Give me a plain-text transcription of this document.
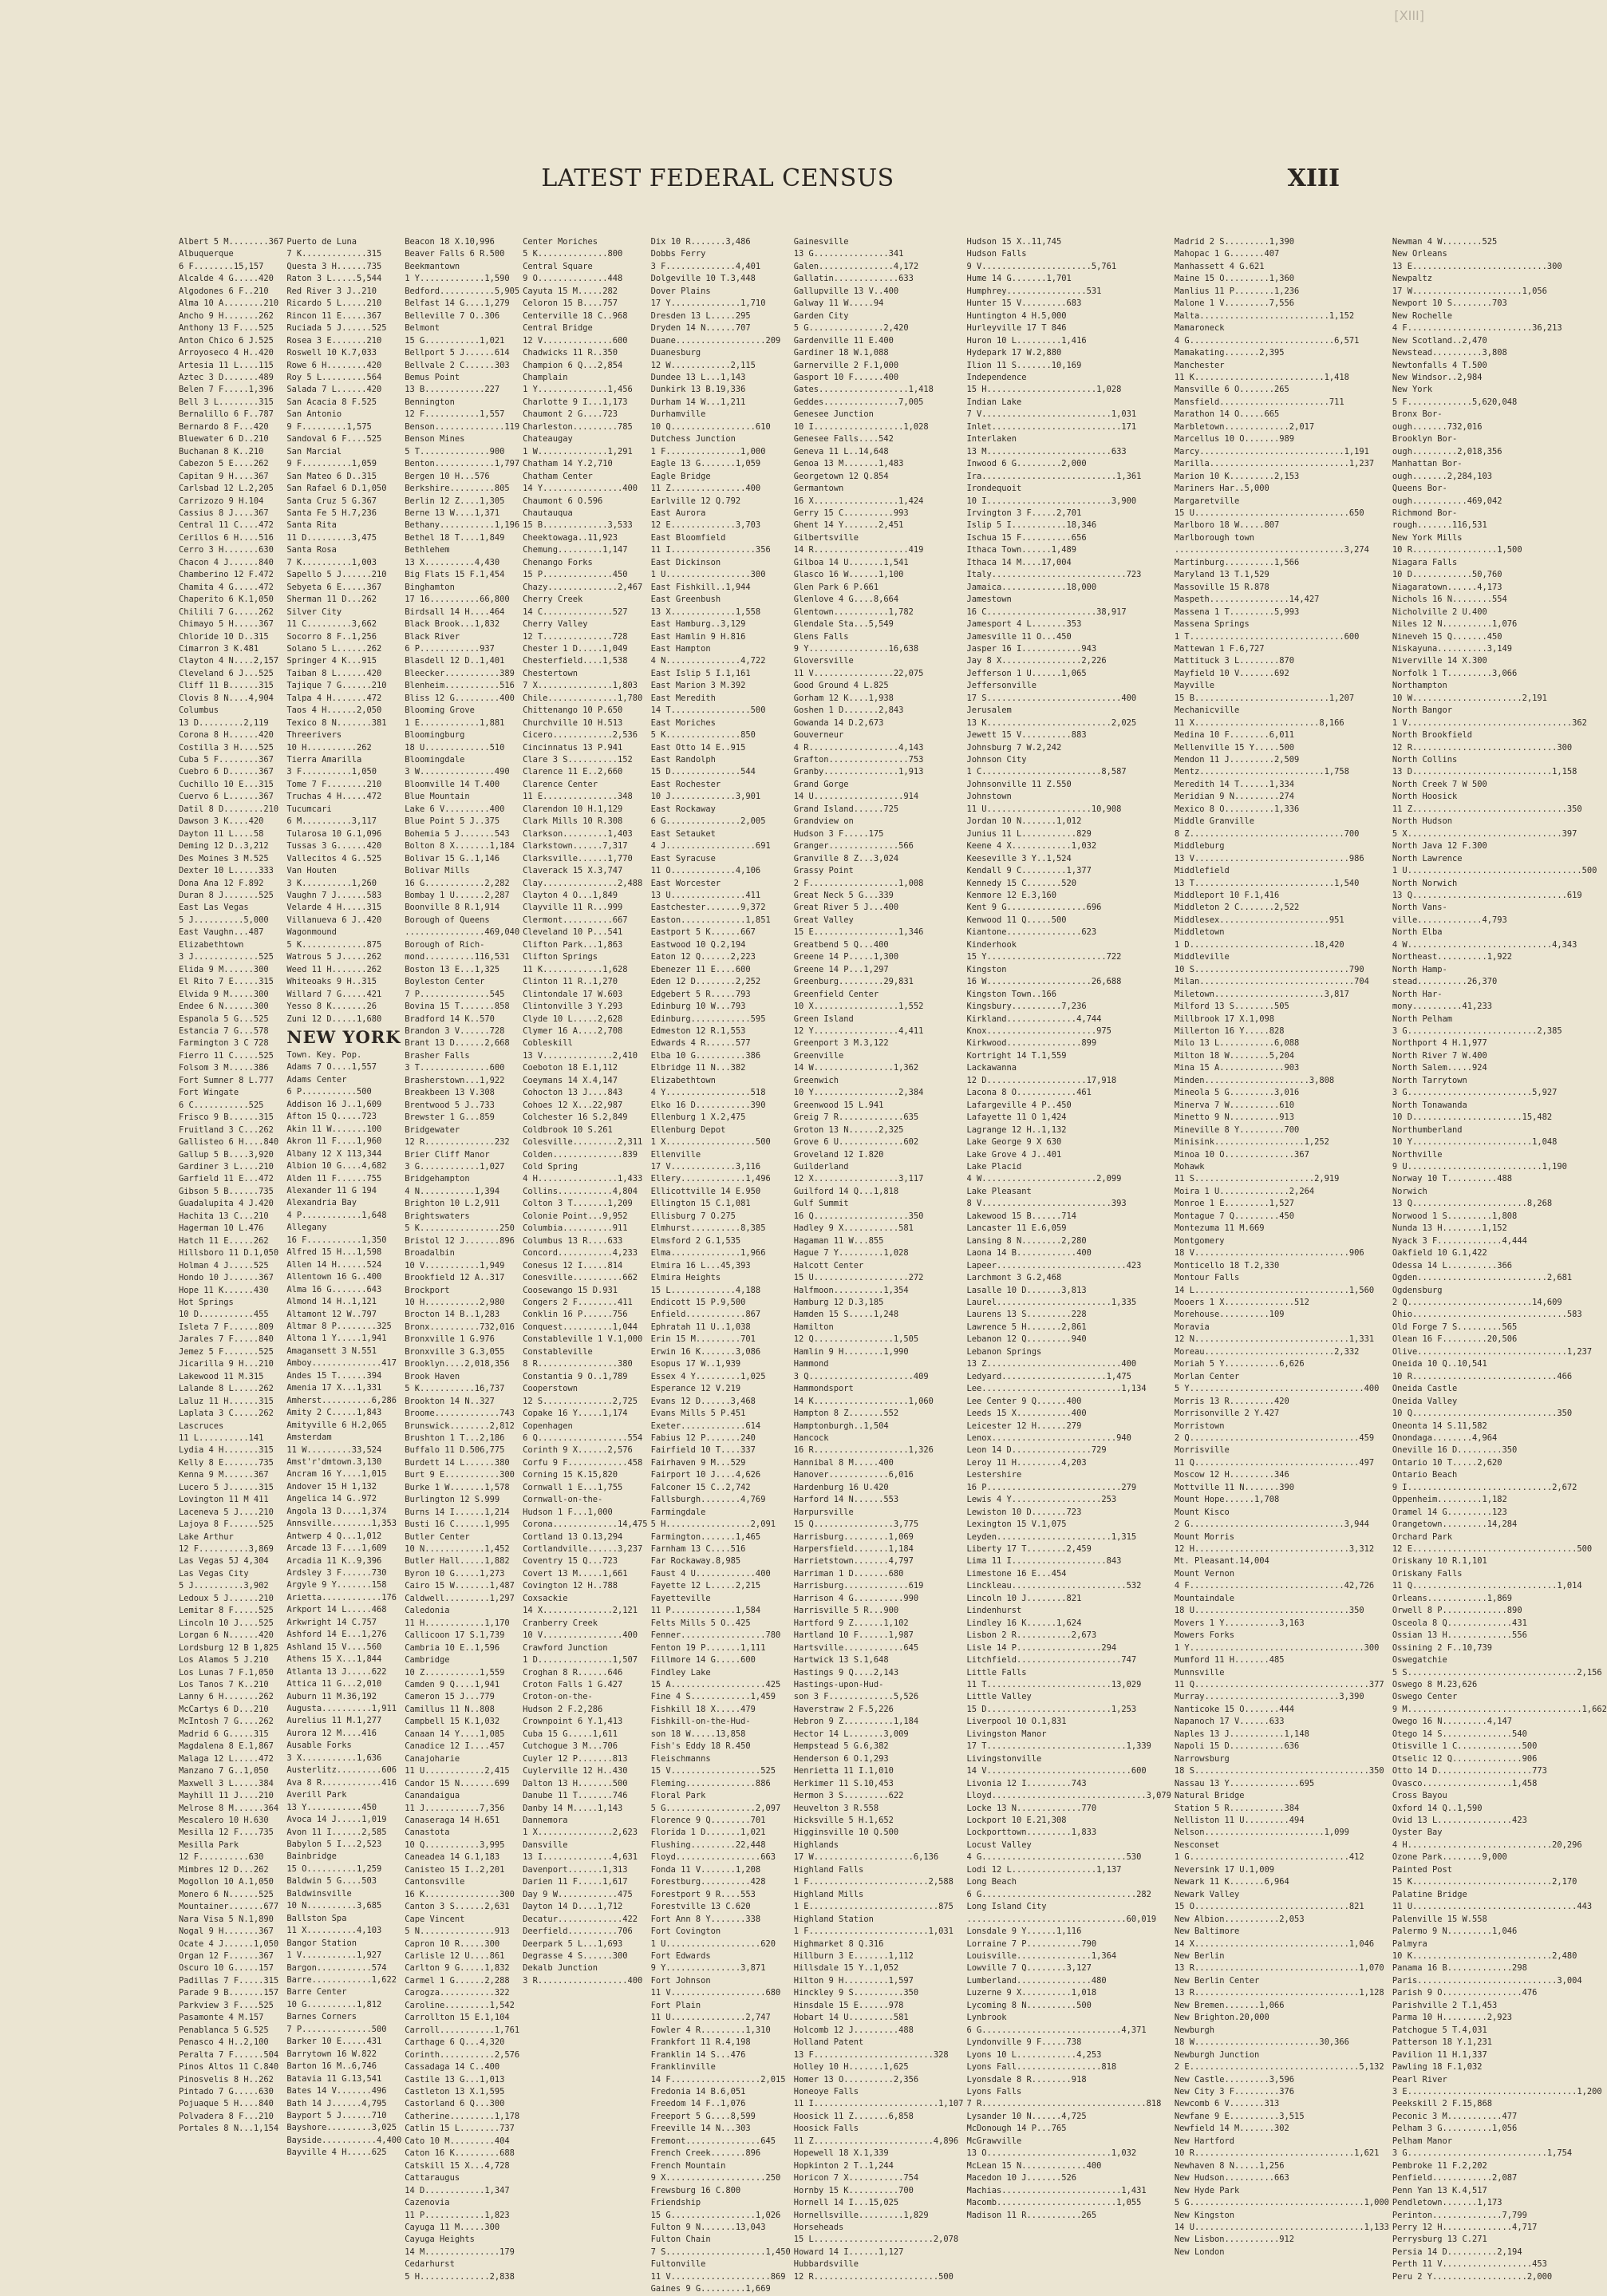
[XIII]
LATEST FEDERAL CENSUS	XIII
Albert 5 M........367
Albuquerque
6 F........15,157
Alcalde 4 G.....420
Algodones 6 F..210
Alma 10 A........210
Ancho 9 H.......262
Anthony 13 F....525
Anton Chico 6 J.525
Arroyoseco 4 H..420
Artesia 11 L....115
Aztec 3 D.......489
Belen 7 F.....1,396
Bell 3 L........315
Bernalillo 6 F..787
Bernardo 8 F...420
Bluewater 6 D..210
Buchanan 8 K..210
Cabezon 5 E....262
Capitan 9 H....367
Carlsbad 12 L.2,205
Carrizozo 9 H.104
Cassius 8 J....367
Central 11 C....472
Cerillos 6 H....516
Cerro 3 H.......630
Chacon 4 J......840
Chamberino 12 F.472
Chamita 4 G.....472
Chaperito 6 K.1,050
Chilili 7 G.....262
Chimayo 5 H.....367
Chloride 10 D..315
Cimarron 3 K.481
Clayton 4 N....2,157
Cleveland 6 J...525
Cliff 11 B......315
Clovis 8 N....4,904
Columbus
13 D.........2,119
Corona 8 H......420
Costilla 3 H....525
Cuba 5 F........367
Cuebro 6 D......367
Cuchillo 10 E...315
Cuervo 6 L......367
Datil 8 D........210
Dawson 3 K....420
Dayton 11 L....58
Deming 12 D..3,212
Des Moines 3 M.525
Dexter 10 L.....333
Dona Ana 12 F.892
Duran 8 J.......525
East Las Vegas
5 J..........5,000
East Vaughn...487
Elizabethtown
3 J.............525
Elida 9 M......300
El Rito 7 E.....315
Elvida 9 M.....300
Endee 6 N......300
Espanola 5 G...525
Estancia 7 G...578
Farmington 3 C 728
Fierro 11 C.....525
Folsom 3 M.....386
Fort Sumner 8 L.777
Fort Wingate
6 C...........525
Frisco 9 B......315
Fruitland 3 C...262
Gallisteo 6 H....840
Gallup 5 B....3,920
Gardiner 3 L....210
Garfield 11 E...472
Gibson 5 B......735
Guadalupita 4 J.420
Hachita 13 C...210
Hagerman 10 L.476
Hatch 11 E.....262
Hillsboro 11 D.1,050
Holman 4 J.....525
Hondo 10 J......367
Hope 11 K......430
Hot Springs
10 D...........455
Isleta 7 F......809
Jarales 7 F.....840
Jemez 5 F.......525
Jicarilla 9 H...210
Lakewood 11 M.315
Lalande 8 L.....262
Laluz 11 H......315
Laplata 3 C.....262
Lascruces
11 L..........141
Lydia 4 H.......315
Kelly 8 E.......735
Kenna 9 M......367
Lucero 5 J......315
Lovington 11 M 411
Laceneva 5 J....210
Lajoya 8 F......525
Lake Arthur
12 F..........3,869
Las Vegas 5J 4,304
Las Vegas City
5 J..........3,902
Ledoux 5 J......210
Lemitar 8 F.....525
Lincoln 10 J....525
Lorgan 6 N......420
Lordsburg 12 B 1,825
Los Alamos 5 J.210
Los Lunas 7 F.1,050
Los Tanos 7 K..210
Lanny 6 H.......262
McCartys 6 D...210
McIntosh 7 G....262
Madrid 6 G.....315
Magdalena 8 E.1,867
Malaga 12 L.....472
Manzano 7 G..1,050
Maxwell 3 L.....384
Mayhill 11 J....210
Melrose 8 M......364
Mescalero 10 H.630
Mesilla 12 F....735
Mesilla Park
12 F..........630
Mimbres 12 D...262
Mogollon 10 A.1,050
Monero 6 N......525
Mountainer.......677
Nara Visa 5 N.1,890
Nogal 9 H.......367
Ocate 4 J......1,050
Organ 12 F......367
Oscuro 10 G.....157
Padillas 7 F.....315
Parade 9 B.......157
Parkview 3 F....525
Pasamonte 4 M.157
Penablanca 5 G.525
Penasco 4 H..2,100
Peralta 7 F......504
Pinos Altos 11 C.840
Pinosvelis 8 H..262
Pintado 7 G.....630
Pojuaque 5 H....840
Polvadera 8 F...210
Portales 8 N...1,154
Puerto de Luna
7 K.............315
Questa 3 H......735
Raton 3 L.....5,544
Red River 3 J..210
Ricardo 5 L.....210
Rincon 11 E.....367
Ruciada 5 J......525
Rosea 3 E.......210
Roswell 10 K.7,033
Rowe 6 H........420
Roy 5 L.........564
Salada 7 L......420
San Acacia 8 F.525
San Antonio
9 F.........1,575
Sandoval 6 F....525
San Marcial
9 F..........1,059
San Mateo 6 D..315
San Rafael 6 D.1,050
Santa Cruz 5 G.367
Santa Fe 5 H.7,236
Santa Rita
11 D.........3,475
Santa Rosa
7 K..........1,003
Sapello 5 J......210
Sebyeta 6 E.....367
Sherman 11 D...262
Silver City
11 C.........3,662
Socorro 8 F..1,256
Solano 5 L......262
Springer 4 K...915
Taiban 8 L......420
Tajique 7 G......210
Talpa 4 H.......472
Taos 4 H......2,050
Texico 8 N.......381
Threerivers
10 H..........262
Tierra Amarilla
3 F..........1,050
Tome 7 F........210
Truchas 4 H.....472
Tucumcari
6 M..........3,117
Tularosa 10 G.1,096
Tussas 3 G......420
Vallecitos 4 G..525
Van Houten
3 K..........1,260
Vaughn 7 J......583
Velarde 4 H.....315
Villanueva 6 J..420
Wagonmound
5 K.............875
Watrous 5 J.....262
Weed 11 H.......262
Whiteoaks 9 H..315
Willard 7 G.....421
Yesso 8 K.......26
Zuni 12 D.....1,680
NEW YORK
Town. Key. Pop.
Adams 7 O....1,557
Adams Center
6 P...........500
Addison 16 J..1,609
Afton 15 Q.....723
Akin 11 W.......100
Akron 11 F....1,960
Albany 12 X 113,344
Albion 10 G....4,682
Alden 11 F......755
Alexander 11 G 194
Alexandria Bay
4 P............1,648
Allegany
16 F...........1,350
Alfred 15 H...1,598
Allen 14 H......524
Allentown 16 G..400
Alma 16 G.......643
Almond 14 H..1,121
Altamont 12 W..797
Altmar 8 P........325
Altona 1 Y.....1,941
Amagansett 3 N.551
Amboy..............417
Andes 15 T......394
Amenia 17 X...1,331
Amherst..........6,286
Amity 2 C.....1,843
Amityville 6 H.2,065
Amsterdam
11 W.........33,524
Amst'r'dmtown.3,130
Ancram 16 Y....1,015
Andover 15 H 1,132
Angelica 14 G..972
Angola 13 D....1,374
Annsville........1,353
Antwerp 4 Q...1,012
Arcade 13 F....1,609
Arcadia 11 K..9,396
Ardsley 3 F......730
Argyle 9 Y.......158
Arietta............176
Arkport 14 L.....468
Arkwright 14 C.757
Ashford 14 E...1,276
Ashland 15 V....560
Athens 15 X...1,844
Atlanta 13 J.....622
Attica 11 G...2,010
Auburn 11 M.36,192
Augusta..........1,911
Aurelius 11 M.1,277
Aurora 12 M....416
Ausable Forks
3 X...........1,636
Austerlitz.........606
Ava 8 R............416
Averill Park
13 Y...........450
Avoca 14 J.....1,019
Avon 11 I......2,585
Babylon 5 I...2,523
Bainbridge
15 O..........1,259
Baldwin 5 G....503
Baldwinsville
10 N..........3,685
Ballston Spa
11 X..........4,103
Bangor Station
1 V...........1,927
Bargon...........574
Barre............1,622
Barre Center
10 G..........1,812
Barnes Corners
7 P..............500
Barker 10 E.....431
Barrytown 16 W.822
Barton 16 M..6,746
Batavia 11 G.13,541
Bates 14 V.......496
Bath 14 J......4,795
Bayport 5 J......710
Bayshore.........3,025
Bayside...........4,400
Bayville 4 H.....625
Beacon 18 X.10,996
Beaver Falls 6 R.500
Beekmantown
1 Y.............1,590
Bedford...........5,905
Belfast 14 G....1,279
Belleville 7 O..306
Belmont
15 G...........1,021
Bellport 5 J......614
Bellvale 2 C......303
Bemus Point
13 B............227
Bennington
12 F...........1,557
Benson..............119
Benson Mines
5 T..............900
Benton............1,797
Bergen 10 H...576
Berkshire.........805
Berlin 12 Z....1,305
Berne 13 W....1,371
Bethany...........1,196
Bethel 18 T....1,849
Bethlehem
13 X..........4,430
Big Flats 15 F.1,454
Binghamton
17 16..........66,800
Birdsall 14 H....464
Black Brook...1,832
Black River
6 P............937
Blasdell 12 D..1,401
Bleecker...........389
Blenheim...........516
Bliss 12 G.........400
Blooming Grove
1 E............1,881
Bloomingburg
18 U.............510
Bloomingdale
3 W...............490
Bloomville 14 T.400
Blue Mountain
Lake 6 V.........400
Blue Point 5 J..375
Bohemia 5 J.......543
Bolton 8 X.......1,184
Bolivar 15 G..1,146
Bolivar Mills
16 G............2,282
Bombay 1 U......2,287
Boonville 8 R.1,914
Borough of Queens
................469,040
Borough of Rich-
mond..........116,531
Boston 13 E...1,325
Boyleston Center
7 P..............545
Bovina 15 T.......858
Bradford 14 K..570
Brandon 3 V......728
Brant 13 D......2,668
Brasher Falls
3 T..............600
Brasherstown...1,922
Breakbeen 13 V.308
Brentwood 5 J..733
Brewster 1 G...859
Bridgewater
12 R..............232
Brier Cliff Manor
3 G............1,027
Bridgehampton
4 N...........1,394
Brighton 10 L.2,911
Brightswaters
5 K................250
Bristol 12 J.......896
Broadalbin
10 V...........1,949
Brookfield 12 A..317
Brockport
10 H...........2,980
Brocton 14 B..1,283
Bronx..........732,016
Bronxville 1 G.976
Bronxville 3 G.3,055
Brooklyn....2,018,356
Brook Haven
5 K...........16,737
Brookton 14 N..327
Broome.............743
Brunswick........2,812
Brushton 1 T...2,186
Buffalo 11 D.506,775
Burdett 14 L......380
Burt 9 E...........300
Burke 1 W.......1,578
Burlington 12 S.999
Burns 14 I......1,214
Busti 16 C......1,995
Butler Center
10 N............1,452
Butler Hall.....1,882
Byron 10 G.....1,273
Cairo 15 W.......1,487
Caldwell.........1,297
Caledonia
11 H............1,170
Callicoon 17 S.1,739
Cambria 10 E..1,596
Cambridge
10 Z...........1,559
Camden 9 Q....1,941
Cameron 15 J...779
Camillus 11 N..808
Campbell 15 K.1,032
Canaan 14 Y....1,085
Canadice 12 I....457
Canajoharie
11 U............2,415
Candor 15 N.......699
Canandaigua
11 J...........7,356
Canaseraga 14 H.651
Canastota
10 Q...........3,995
Caneadea 14 G.1,183
Canisteo 15 I..2,201
Cantonsville
16 K...............300
Canton 3 S......2,631
Cape Vincent
5 N...............913
Capron 10 R.....300
Carlisle 12 U....861
Carlton 9 G.....1,832
Carmel 1 G......2,288
Carogza...........322
Caroline.........1,542
Carrollton 15 E.1,104
Carroll...........1,761
Carthage 6 Q...4,320
Corinth...........2,576
Cassadaga 14 C..400
Castile 13 G...1,013
Castleton 13 X.1,595
Castorland 6 Q...300
Catherine.........1,178
Catlin 15 L........737
Cato 10 M.........404
Caton 16 K.........688
Catskill 15 X...4,728
Cattaraugus
14 D............1,347
Cazenovia
11 P............1,823
Cayuga 11 M.....300
Cayuga Heights
14 M...............179
Cedarhurst
5 H..............2,838
Center Moriches
5 K..............800
Central Square
9 O..............448
Cayuta 15 M.....282
Celoron 15 B....757
Centerville 18 C..968
Central Bridge
12 V..............600
Chadwicks 11 R..350
Champion 6 Q...2,854
Champlain
1 Y..............1,456
Charlotte 9 I...1,173
Chaumont 2 G....723
Charleston.........785
Chateaugay
1 W..............1,291
Chatham 14 Y.2,710
Chatham Center
14 Y................400
Chaumont 6 O.596
Chautauqua
15 B.............3,533
Cheektowaga..11,923
Chemung.........1,147
Chenango Forks
15 P..............450
Chazy..............2,467
Cherry Creek
14 C..............527
Cherry Valley
12 T..............728
Chester 1 D.....1,049
Chesterfield....1,538
Chestertown
7 X...............1,803
Chile..............1,780
Chittenango 10 P.650
Churchville 10 H.513
Cicero............2,536
Cincinnatus 13 P.941
Clare 3 S..........152
Clarence 11 E..2,660
Clarence Center
11 E...............348
Clarendon 10 H.1,129
Clark Mills 10 R.308
Clarkson.........1,403
Clarkstown......7,317
Clarksville......1,770
Claverack 15 X.3,747
Clay...............2,488
Clayton 4 O...1,849
Clayville 11 R...999
Clermont..........667
Cleveland 10 P...541
Clifton Park...1,863
Clifton Springs
11 K............1,628
Clinton 11 R..1,270
Clintondale 17 W.603
Clintonville 3 Y.293
Clyde 10 L.....2,628
Clymer 16 A....2,708
Cobleskill
13 V..............2,410
Coeboton 18 E.1,112
Coeymans 14 X.4,147
Cohocton 13 J....843
Cohoes 12 X...22,987
Colchester 16 S.2,849
Coldbrook 10 S.261
Colesville.........2,311
Colden..............839
Cold Spring
4 H................1,433
Collins...........4,804
Colton 3 T.......1,209
Colonie Point...9,952
Columbia..........911
Columbus 13 R....633
Concord...........4,233
Conesus 12 I.....814
Conesville..........662
Coosewango 15 D.931
Congers 2 F........411
Conklin 16 P......756
Conquest..........1,044
Constableville 1 V.1,000
Constableville
8 R................380
Constantia 9 O..1,789
Cooperstown
12 S..............2,725
Copake 16 Y.....1,174
Copenhagen
6 Q..................554
Corinth 9 X......2,576
Corfu 9 F............458
Corning 15 K.15,820
Cornwall 1 E...1,755
Cornwall-on-the-
Hudson 1 F...1,000
Corona.............14,475
Cortland 13 O.13,294
Cortlandville......3,237
Coventry 15 Q...723
Covert 13 M.....1,661
Covington 12 H..788
Coxsackie
14 X..............2,121
Cranberry Creek
10 V................400
Crawford Junction
1 D...............1,507
Croghan 8 R......646
Croton Falls 1 G.427
Croton-on-the-
Hudson 2 F.2,286
Crownpoint 6 Y.1,413
Cuba 15 G.....1,611
Cutchogue 3 M...706
Cuyler 12 P.......813
Cuylerville 12 H..430
Dalton 13 H.......500
Danube 11 T.......746
Danby 14 M.....1,143
Dannemora
1 X...............2,623
Dansville
13 I..............4,631
Davenport.......1,313
Darien 11 F.....1,617
Day 9 W............475
Dayton 14 D....1,712
Decatur.............422
Deerfield..........706
Deerpark 5 L...1,693
Degrasse 4 S......300
Dekalb Junction
3 R..................400
Dix 10 R.......3,486
Dobbs Ferry
3 F..............4,401
Dolgeville 10 T.3,448
Dover Plains
17 Y..............1,710
Dresden 13 L.....295
Dryden 14 N......707
Duane..................209
Duanesburg
12 W............2,115
Dundee 13 L...1,143
Dunkirk 13 B.19,336
Durham 14 W...1,211
Durhamville
10 Q.................610
Dutchess Junction
1 F...............1,000
Eagle 13 G.......1,059
Eagle Bridge
11 Z...............400
Earlville 12 Q.792
East Aurora
12 E.............3,703
East Bloomfield
11 I.................356
East Dickinson
1 U.................300
East Fishkill..1,944
East Greenbush
13 X.............1,558
East Hamburg..3,129
East Hamlin 9 H.816
East Hampton
4 N...............4,722
East Islip 5 I.1,161
East Marion 3 M.392
East Meredith
14 T................500
East Moriches
5 K...............850
East Otto 14 E..915
East Randolph
15 D..............544
East Rochester
10 J.............3,901
East Rockaway
6 G...............2,005
East Setauket
4 J..................691
East Syracuse
11 O.............4,106
East Worcester
13 U...............411
Eastchester.......9,372
Easton.............1,851
Eastport 5 K......667
Eastwood 10 Q.2,194
Eaton 12 Q......2,223
Ebenezer 11 E....600
Eden 12 D........2,252
Edgebert 5 R.....793
Edinburg 10 W...793
Edinburg............595
Edmeston 12 R.1,553
Edwards 4 R......577
Elba 10 G..........386
Elbridge 11 N...382
Elizabethtown
4 Y.................518
Elko 16 D...........390
Ellenburg 1 X.2,475
Ellenburg Depot
1 X..................500
Ellenville
17 V.............3,116
Ellery.............1,496
Ellicottville 14 E.950
Ellington 15 C.1,081
Ellisburg 7 O.275
Elmhurst..........8,385
Elmsford 2 G.1,535
Elma..............1,966
Elmira 16 L...45,393
Elmira Heights
15 L.............4,188
Endicott 15 P.9,500
Enfield............867
Ephratah 11 U..1,038
Erin 15 M.........701
Erwin 16 K.......3,086
Esopus 17 W..1,939
Essex 4 Y.........1,025
Esperance 12 V.219
Evans 12 D......3,468
Evans Mills 5 P.451
Exeter.............614
Fabius 12 P.......240
Fairfield 10 T....337
Fairhaven 9 M...529
Fairport 10 J....4,626
Falconer 15 C..2,742
Fallsburgh........4,769
Farmingdale
5 H.................2,091
Farmington.......1,465
Farnham 13 C....516
Far Rockaway.8,985
Faust 4 U............400
Fayette 12 L.....2,215
Fayetteville
11 P.............1,584
Felts Mills 5 O..425
Fenner.................780
Fenton 19 P.......1,111
Fillmore 14 G.....600
Findley Lake
15 A...................425
Fine 4 S............1,459
Fishkill 18 X.....479
Fishkill-on-the-Hud-
son 18 W.....13,858
Fish's Eddy 18 R.450
Fleischmanns
15 V..................525
Fleming..............886
Floral Park
5 G..................2,097
Florence 9 Q........701
Florida 1 D.......1,021
Flushing.........22,448
Floyd.................663
Fonda 11 V.......1,208
Forestburg..........428
Forestport 9 R....553
Forestville 13 C.620
Fort Ann 8 Y.......338
Fort Covington
1 U...................620
Fort Edwards
9 Y...............3,871
Fort Johnson
11 V...................680
Fort Plain
11 U...............2,747
Fowler 4 R.........1,310
Frankfort 11 R.4,198
Franklin 14 S...476
Franklinville
14 F..................2,015
Fredonia 14 B.6,051
Freedom 14 F..1,076
Freeport 5 G....8,599
Freeville 14 N...303
Fremont...............645
French Creek.......896
French Mountain
9 X....................250
Frewsburg 16 C.800
Friendship
15 G.................1,026
Fulton 9 N.......13,043
Fulton Chain
7 S....................1,450
Fultonville
11 V....................869
Gaines 9 G.........1,669
Gainesville
13 G...............341
Galen...............4,172
Gallatin.............633
Gallupville 13 V..400
Galway 11 W.....94
Garden City
5 G...............2,420
Gardenville 11 E.400
Gardiner 18 W.1,088
Garnerville 2 F.1,000
Gasport 10 F......400
Gates..................1,418
Geddes...............7,005
Genesee Junction
10 I..................1,028
Genesee Falls....542
Geneva 11 L..14,648
Genoa 13 M.......1,483
Georgetown 12 Q.854
Germantown
16 X.................1,424
Gerry 15 C..........993
Ghent 14 Y.......2,451
Gilbertsville
14 R...................419
Gilboa 14 U.......1,541
Glasco 16 W......1,100
Glen Park 6 P.661
Glenlove 4 G....8,664
Glentown...........1,782
Glendale Sta...5,549
Glens Falls
9 Y................16,638
Gloversville
11 V................22,075
Good Ground 4 L.825
Gorham 12 K....1,938
Goshen 1 D.......2,843
Gowanda 14 D.2,673
Gouverneur
4 R..................4,143
Grafton................753
Granby...............1,913
Grand Gorge
14 U..................914
Grand Island......725
Grandview on
Hudson 3 F.....175
Granger..............566
Granville 8 Z...3,024
Grassy Point
2 F..................1,008
Great Neck 5 G...339
Great River 5 J...400
Great Valley
15 E.................1,346
Greatbend 5 Q...400
Greene 14 P.....1,300
Greene 14 P...1,297
Greenburg.........29,831
Greenfield Center
10 X.................1,552
Green Island
12 Y.................4,411
Greenport 3 M.3,122
Greenville
14 W................1,362
Greenwich
10 Y.................2,384
Greenwood 15 L.941
Greig 7 R.............635
Groton 13 N......2,325
Grove 6 U.............602
Groveland 12 I.820
Guilderland
12 X.................3,117
Guilford 14 Q...1,818
Gulf Summit
16 Q...................350
Hadley 9 X...........581
Hagaman 11 W...855
Hague 7 Y.........1,028
Halcott Center
15 U...................272
Halfmoon..........1,354
Hamburg 12 D.3,185
Hamden 15 S.....1,248
Hamilton
12 Q................1,505
Hamlin 9 H........1,990
Hammond
3 Q.....................409
Hammondsport
14 K...................1,060
Hampton 8 Z.......552
Hamptonburgh..1,504
Hancock
16 R...................1,326
Hannibal 8 M.....400
Hanover............6,016
Hardenburg 16 U.420
Harford 14 N......553
Harpursville
15 Q................3,775
Harrisburg.........1,069
Harpersfield.......1,184
Harrietstown.......4,797
Harriman 1 D.......680
Harrisburg.............619
Harrison 4 G..........990
Harrisville 5 R...900
Hartford 9 Z......1,102
Hartland 10 F......1,987
Hartsville............645
Hartwick 13 S.1,648
Hastings 9 Q....2,143
Hastings-upon-Hud-
son 3 F.............5,526
Haverstraw 2 F.5,226
Hebron 9 Z..........1,184
Hector 14 L.......3,009
Hempstead 5 G.6,382
Henderson 6 O.1,293
Henrietta 11 I.1,010
Herkimer 11 S.10,453
Hermon 3 S.........622
Heuvelton 3 R.558
Hicksville 5 H.1,652
Higginsville 10 Q.500
Highlands
17 W....................6,136
Highland Falls
1 F........................2,588
Highland Mills
1 E..........................875
Highland Station
1 F........................1,031
Highmarket 8 Q.316
Hillburn 3 E.......1,112
Hillsdale 15 Y..1,052
Hilton 9 H.........1,597
Hinckley 9 S..........350
Hinsdale 15 E......978
Hobart 14 U.........581
Holcomb 12 J.........488
Holland Patent
13 F........................328
Holley 10 H.......1,625
Homer 13 O..........2,356
Honeoye Falls
11 I.........................1,107
Hoosick 11 Z.......6,858
Hoosick Falls
11 Z........................4,896
Hopewell 18 X.1,339
Hopkinton 2 T..1,244
Horicon 7 X...........754
Hornby 15 K..........700
Hornell 14 I...15,025
Hornellsville.........1,829
Horseheads
15 L........................2,078
Howard 14 I......1,127
Hubbardsville
12 R.........................500
Hudson 15 X..11,745
Hudson Falls
9 V......................5,761
Hume 14 G.......1,701
Humphrey................531
Hunter 15 V.........683
Huntington 4 H.5,000
Hurleyville 17 T 846
Huron 10 L.........1,416
Hydepark 17 W.2,880
Ilion 11 S.......10,169
Independence
15 H......................1,028
Indian Lake
7 V..........................1,031
Inlet..........................171
Interlaken
13 M.........................633
Inwood 6 G.........2,000
Ira...........................1,361
Irondequoit
10 I.........................3,900
Irvington 3 F.....2,701
Islip 5 I...........18,346
Ischua 15 F..........656
Ithaca Town......1,489
Ithaca 14 M....17,004
Italy...........................723
Jamaica.............18,000
Jamestown
16 C......................38,917
Jamesport 4 L.......353
Jamesville 11 O...450
Jasper 16 I............943
Jay 8 X................2,226
Jefferson 1 U......1,065
Jeffersonville
17 S...........................400
Jerusalem
13 K.........................2,025
Jewett 15 V..........883
Johnsburg 7 W.2,242
Johnson City
1 C........................8,587
Johnsonville 11 Z.550
Johnstown
11 U.....................10,908
Jordan 10 N.......1,012
Junius 11 L...........829
Keene 4 X............1,032
Keeseville 3 Y..1,524
Kendall 9 C.........1,377
Kennedy 15 C.......520
Kenmore 12 E.3,160
Kent 9 G................696
Kenwood 11 Q.....500
Kiantone...............623
Kinderhook
15 Y........................722
Kingston
16 W.....................26,688
Kingston Town..166
Kingsbury..........7,236
Kirkland..............4,744
Knox......................975
Kirkwood...............899
Kortright 14 T.1,559
Lackawanna
12 D....................17,918
Lacona 8 O............461
Lafargeville 4 P..450
Lafayette 11 O 1,424
Lagrange 12 H..1,132
Lake George 9 X 630
Lake Grove 4 J..401
Lake Placid
4 W.......................2,099
Lake Pleasant
8 V..........................393
Lakewood 15 B......714
Lancaster 11 E.6,059
Lansing 8 N........2,280
Laona 14 B............400
Lapeer..........................423
Larchmont 3 G.2,468
Lasalle 10 D.......3,813
Laurel.......................1,335
Laurens 13 S.........228
Lawrence 5 H.......2,861
Lebanon 12 Q.........940
Lebanon Springs
13 Z...........................400
Ledyard.....................1,475
Lee............................1,134
Lee Center 9 Q......400
Leeds 15 X...........400
Leicester 12 H......279
Lenox.........................940
Leon 14 D................729
Leroy 11 H.........4,203
Lestershire
16 P...........................279
Lewis 4 Y..................253
Lewiston 10 D.......723
Lexington 15 V.1,075
Leyden.......................1,315
Liberty 17 T........2,459
Lima 11 I...................843
Limestone 16 E...454
Linckleau.......................532
Lincoln 10 J........821
Lindenhurst
Lindley 16 K......1,624
Lisbon 2 R...........2,673
Lisle 14 P.................294
Litchfield.....................747
Little Falls
11 T.........................13,029
Little Valley
15 D.........................1,253
Liverpool 10 O.1,831
Livingston Manor
17 T............................1,339
Livingstonville
14 V.............................600
Livonia 12 I.........743
Lloyd...............................3,079
Locke 13 N.............770
Lockport 10 E.21,308
Lockporttown.........1,833
Locust Valley
4 G.............................530
Lodi 12 L.................1,137
Long Beach
6 G...............................282
Long Island City
................................60,019
Lonsdale 9 Y......1,116
Lorraine 7 P...........790
Louisville...............1,364
Lowville 7 Q........3,127
Lumberland...............480
Luzerne 9 X..........1,018
Lycoming 8 N..........500
Lynbrook
6 G............................4,371
Lyndonville 9 F.....738
Lyons 10 L............4,253
Lyons Fall.................818
Lyonsdale 8 R........918
Lyons Falls
7 R.................................818
Lysander 10 N......4,725
McDonough 14 P...765
McGrawville
13 O.........................1,032
McLean 15 N.............400
Macedon 10 J.......526
Machias........................1,431
Macomb........................1,055
Madison 11 R...........265
Madrid 2 S.........1,390
Mahopac 1 G.......407
Manhassett 4 G.621
Maine 15 O.........1,360
Manlius 11 P........1,236
Malone 1 V.........7,556
Malta..........................1,152
Mamaroneck
4 G.............................6,571
Mamakating.......2,395
Manchester
11 K..........................1,418
Mansville 6 O.......265
Mansfield......................711
Marathon 14 O.....665
Marbletown.............2,017
Marcellus 10 O.......989
Marcy.............................1,191
Marilla............................1,237
Marion 10 K.........2,153
Mariners Har..5,000
Margaretville
15 U...............................650
Marlboro 18 W.....807
Marlborough town
..................................3,274
Martinburg..........1,566
Maryland 13 T.1,529
Massoville 15 R.878
Maspeth................14,427
Massena 1 T.........5,993
Massena Springs
1 T...............................600
Mattewan 1 F.6,727
Mattituck 3 L........870
Mayfield 10 V.......692
Mayville
15 B...........................1,207
Mechanicville
11 X.........................8,166
Medina 10 F........6,011
Mellenville 15 Y.....500
Mendon 11 J.........2,509
Mentz.........................1,758
Meredith 14 T......1,334
Meridian 9 N.........274
Mexico 8 O..........1,336
Middle Granville
8 Z...............................700
Middleburg
13 V...............................986
Middlefield
13 T............................1,540
Middleport 10 F.1,416
Middleton 2 C.......2,522
Middlesex......................951
Middletown
1 D.........................18,420
Middleville
10 S...............................790
Milan...............................704
Miletown......................3,817
Milford 13 S........505
Millbrook 17 X.1,098
Millerton 16 Y.....828
Milo 13 L...........6,088
Milton 18 W........5,204
Mina 15 A.............903
Minden.....................3,808
Mineola 5 G.........3,016
Minerva 7 W..........610
Minetto 9 N..........913
Mineville 8 Y.........700
Minisink..................1,252
Minoa 10 O..............367
Mohawk
11 S........................2,919
Moira 1 U..............2,264
Monroe 1 E.........1,527
Montague 7 Q.........450
Montezuma 11 M.669
Montgomery
18 V...............................906
Monticello 18 T.2,330
Montour Falls
14 L...............................1,560
Mooers 1 X..............512
Morehouse..........109
Moravia
12 N...............................1,331
Moreau..........................2,332
Moriah 5 Y...........6,626
Morlan Center
5 Y...................................400
Morris 13 R.........420
Morrisonville 2 Y.427
Morristown
2 Q..................................459
Morrisville
11 Q.................................497
Moscow 12 H.........346
Mottville 11 N.......390
Mount Hope......1,708
Mount Kisco
2 G...............................3,944
Mount Morris
12 H...............................3,312
Mt. Pleasant.14,004
Mount Vernon
4 F...............................42,726
Mountaindale
18 U...............................350
Movers 1 Y...........3,163
Mowers Forks
1 Y...................................300
Mumford 11 H.......485
Munnsville
11 Q...................................377
Murray...........................3,390
Nanticoke 15 O.......444
Napanoch 17 V......633
Naples 13 J...........1,148
Napoli 15 D...........636
Narrowsburg
18 S...................................350
Nassau 13 Y..............695
Natural Bridge
Station 5 R...........384
Nelliston 11 U.........494
Nelson........................1,099
Nesconset
1 G................................412
Neversink 17 U.1,009
Newark 11 K.......6,964
Newark Valley
15 O...............................821
New Albion...........2,053
New Baltimore
14 X...............................1,046
New Berlin
13 R.................................1,070
New Berlin Center
13 R.................................1,128
New Bremen.......1,066
New Brighton.20,000
Newburgh
18 W.........................30,366
Newburgh Junction
2 E..................................5,132
New Castle.........3,596
New City 3 F.........376
Newcomb 6 V.......313
Newfane 9 E..........3,515
Newfield 14 M.......302
New Hartford
10 R................................1,621
Newhaven 8 N.....1,256
New Hudson..........663
New Hyde Park
5 G...................................1,000
New Kingston
14 U..................................1,133
New Lisbon...........912
New London
Newman 4 W........525
New Orleans
13 E...........................300
Newpaltz
17 W......................1,056
Newport 10 S........703
New Rochelle
4 F.........................36,213
New Scotland..2,470
Newstead..........3,808
Newtonfalls 4 T.500
New Windsor..2,984
New York
5 F.............5,620,048
Bronx Bor-
ough.......732,016
Brooklyn Bor-
ough.........2,018,356
Manhattan Bor-
ough.......2,284,103
Queens Bor-
ough...........469,042
Richmond Bor-
rough.......116,531
New York Mills
10 R.................1,500
Niagara Falls
10 D............50,760
Niagaratown......4,173
Nichols 16 N........554
Nicholville 2 U.400
Niles 12 N..........1,076
Nineveh 15 Q.......450
Niskayuna..........3,149
Niverville 14 X.300
Norfolk 1 T.........3,066
Northampton
10 W......................2,191
North Bangor
1 V.................................362
North Brookfield
12 R.............................300
North Collins
13 D............................1,158
North Creek 7 W 500
North Hoosick
11 Z...............................350
North Hudson
5 X...............................397
North Java 12 F.300
North Lawrence
1 U...................................500
North Norwich
13 Q...............................619
North Vans-
ville.............4,793
North Elba
4 W.............................4,343
Northeast..........1,922
North Hamp-
stead..........26,370
North Har-
mony..........41,233
North Pelham
3 G..........................2,385
Northport 4 H.1,977
North River 7 W.400
North Salem.....924
North Tarrytown
3 G.........................5,927
North Tonawanda
10 D......................15,482
Northumberland
10 Y........................1,048
Northville
9 U...........................1,190
Norway 10 T..........488
Norwich
13 Q.......................8,268
Norwood 1 S.........1,808
Nunda 13 H........1,152
Nyack 3 F.............4,444
Oakfield 10 G.1,422
Odessa 14 L..........366
Ogden..........................2,681
Ogdensburg
2 Q.........................14,609
Ohio...............................583
Old Forge 7 S.........565
Olean 16 F.........20,506
Olive..............................1,237
Oneida 10 Q..10,541
10 R.............................466
Oneida Castle
Oneida Valley
10 Q.............................350
Oneonta 14 S.11,582
Onondaga........4,964
Oneville 16 D.........350
Ontario 10 T.....2,620
Ontario Beach
9 I.............................2,672
Oppenheim.........1,182
Oramel 14 G.........123
Orangetown.........14,284
Orchard Park
12 E.................................500
Oriskany 10 R.1,101
Oriskany Falls
11 Q.............................1,014
Orleans............1,869
Orwell 8 P.............890
Osceola 8 Q.............431
Ossian 13 H.............556
Ossining 2 F..10,739
Oswegatchie
5 S..................................2,156
Oswego 8 M.23,626
Oswego Center
9 M...................................1,662
Owego 16 N.........4,147
Otego 14 S..............540
Otisville 1 C.............500
Otselic 12 Q..............906
Otto 14 D...................773
Ovasco..................1,458
Cross Bayou
Oxford 14 Q..1,590
Ovid 13 L...............423
Oyster Bay
4 H.............................20,296
Ozone Park........9,000
Painted Post
15 K............................2,170
Palatine Bridge
11 U.................................443
Palenville 15 W.558
Palermo 9 N.........1,046
Palmyra
10 K............................2,480
Panama 16 B.............298
Paris............................3,004
Parish 9 O................476
Parishville 2 T.1,453
Parma 10 H.........2,923
Patchogue 5 T.4,031
Patterson 18 Y.1,231
Pavilion 11 H.1,337
Pawling 18 F.1,032
Pearl River
3 E..................................1,200
Peekskill 2 F.15,868
Peconic 3 M...........477
Pelham 3 G..........1,056
Pelham Manor
3 G............................1,754
Pembroke 11 F.2,202
Penfield............2,087
Penn Yan 13 K.4,517
Pendletown.......1,173
Perinton..............7,799
Perry 12 H..............4,717
Perrysburg 13 C.271
Persia 14 D..........2,194
Perth 11 V..................453
Peru 2 Y...................2,000
